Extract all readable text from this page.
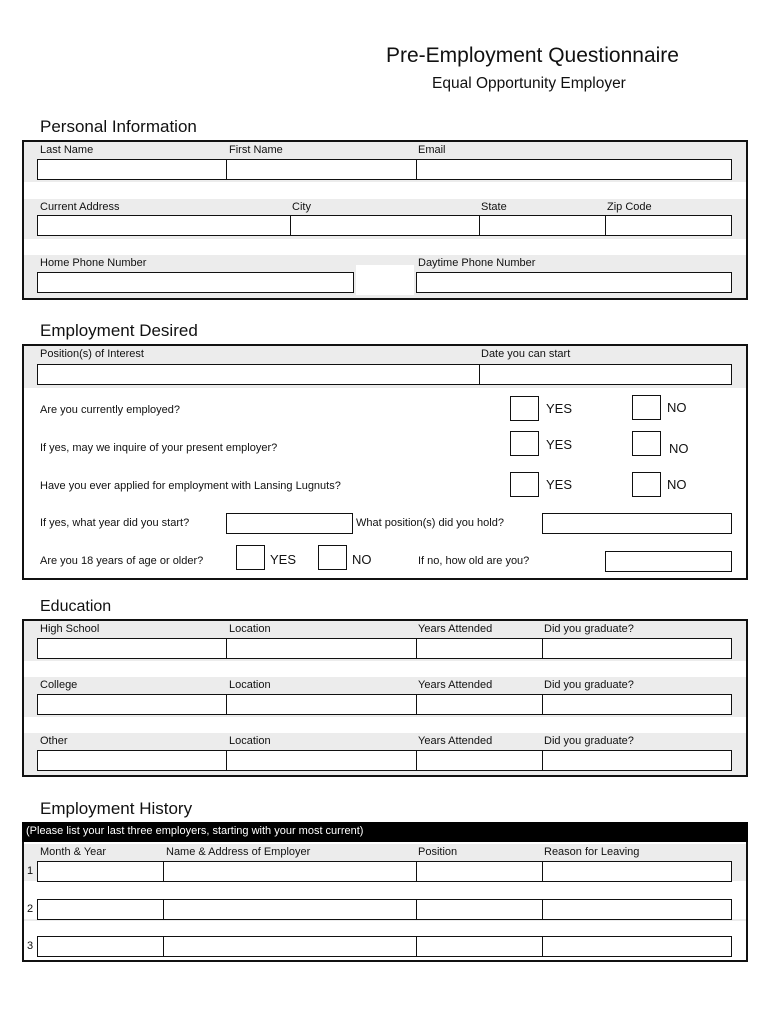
Pre-Employment Questionnaire
Equal Opportunity Employer
Personal Information
Last Name	First Name	Email
Current Address	City	State	Zip Code
Home Phone Number	Daytime Phone Number
Employment Desired
Position(s) of Interest	Date you can start
Are you currently employed?	YES	NO
If yes, may we inquire of your present employer?	YES	NO
Have you ever applied for employment with Lansing Lugnuts?	YES	NO
If yes, what year did you start?	What position(s) did you hold?
Are you 18 years of age or older?	YES	NO	If no, how old are you?
Education
High School	Location	Years Attended	Did you graduate?
College	Location	Years Attended	Did you graduate?
Other	Location	Years Attended	Did you graduate?
Employment History
(Please list your last three employers, starting with your most current)
Month & Year	Name & Address of Employer	Position	Reason for Leaving
1
2
3
